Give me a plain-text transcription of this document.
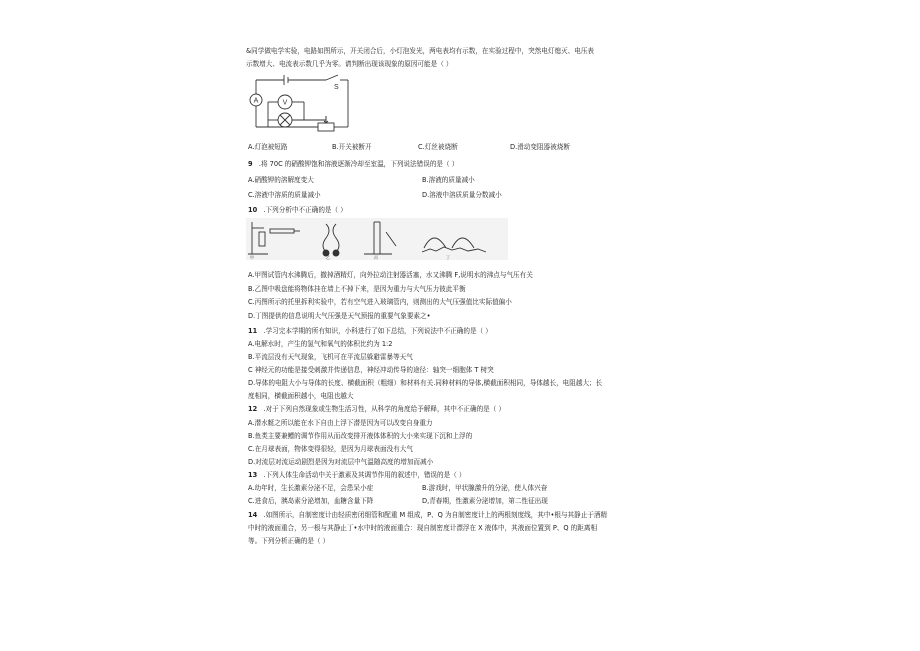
&同学做电学实验，电路如图所示，开关闭合后，小灯泡发光，两电表均有示数，在实验过程中，突然电灯熄灭、电压表
示数增大、电流表示数几乎为零。请判断出现该现象的原因可能是（ ）
A	V
S
A.灯泡被短路	B.开关被断开	C.灯丝被烧断	D.滑动变阻器被烧断
9 .将 70C 的硝酸钾饱和溶液逐渐冷却至室温，下列说法错误的是（ ）
A.硝酸钾的溶解度变大	B.溶液的质量减小
C.溶液中溶质的质量减小	D.溶液中溶质质量分数减小
10 .下列分析中不正确的是（ ）
甲	乙	丙	丁
A.甲图试管内水沸腾后，撤掉酒精灯，向外拉动注射器活塞，水又沸腾 F,说明水的沸点与气压有关
B.乙图中吸盘能将物体挂在墙上不掉下来，是因为重力与大气压力彼此平衡
C.丙图所示的托里拆利实验中，若有空气进入玻璃管内，则测出的大气压强值比实际值偏小
D.丁图提供的信息说明大气压强是天气预报的重要气象要素之•
11 .学习完本学期的所有知识，小科进行了如下总结，下列说法中不正确的是（ ）
A.电解水时，产生的氢气和氧气的体积比约为 1:2
B.平流层没有天气现象，飞机可在平流层躲避雷暴等天气
C 神经元的功能是接受刺激并传递信息，神经冲动传导的途径：轴突一细胞体 T 树突
D.导体的电阻大小与导体的长度、横截面积（粗细）和材料有关.同种材料的导体,横截面积相同，导体越长，电阻越大；长
度相同，横截面积越小，电阻也越大
12 .对于下列自然现象或生物生活习性，从科学的角度给予解释，其中不正确的是（ ）
A.潜水艇之所以能在水下自由上浮下潜是因为可以改变自身重力
B.鱼类主要兼鳔的调节作用从而改变排开液体体积的大小来实现下沉和上浮的
C.在月球表面，物体变得很轻，是因为月球表面没有大气
D.对流层对流运动剧烈是因为对流层中气温随高度的增加而减小
13 .下列人体生命活动中关于激素及其调节作用的叙述中，错误的是（ ）
A.幼年时，生长激素分泌不足，会患呆小症	B.游戏时，甲状腺激升的分泌，使人体兴奋
C.进食后，胰岛素分泌增加，血糖含量下降	D,青春期，性激素分泌增加，第二性征出现
14 .如图所示，自制密度计由轻质密闭细管和配重 M 组成，P、Q 为自制密度计上的两根刻度线，其中•根与其静止于酒精
中时的液面重合，另一根与其静止丁•水中时的液面重合：现自制密度计漂浮在 X 液体中，其液面位置到 P、Q 的距离相
等。下列分析正确的是（ ）
